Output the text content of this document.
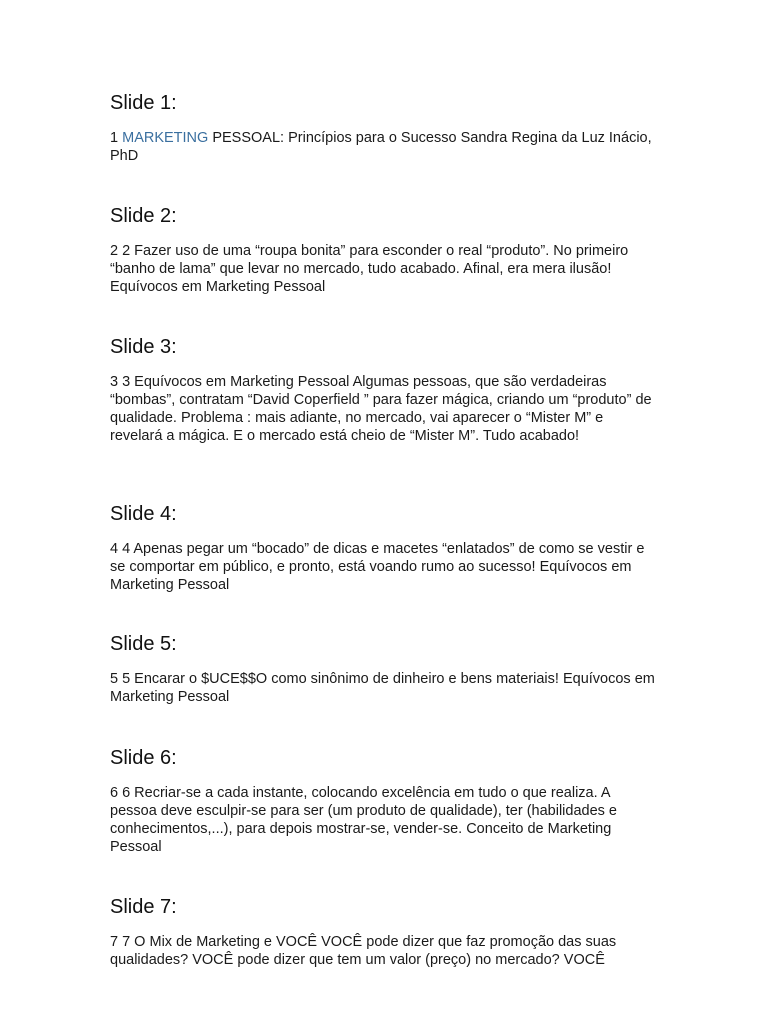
Slide 1:

1 MARKETING PESSOAL: Princípios para o Sucesso Sandra Regina da Luz Inácio, PhD

Slide 2:

2 2 Fazer uso de uma “roupa bonita” para esconder o real “produto”. No primeiro “banho de lama” que levar no mercado, tudo acabado. Afinal, era mera ilusão! Equívocos em Marketing Pessoal

Slide 3:

3 3 Equívocos em Marketing Pessoal Algumas pessoas, que são verdadeiras “bombas”, contratam “David Coperfield ” para fazer mágica, criando um “produto” de qualidade. Problema : mais adiante, no mercado, vai aparecer o “Mister M” e revelará a mágica. E o mercado está cheio de “Mister M”. Tudo acabado!

Slide 4:

4 4 Apenas pegar um “bocado” de dicas e macetes “enlatados” de como se vestir e se comportar em público, e pronto, está voando rumo ao sucesso! Equívocos em Marketing Pessoal

Slide 5:

5 5 Encarar o $UCE$$O como sinônimo de dinheiro e bens materiais! Equívocos em Marketing Pessoal

Slide 6:

6 6 Recriar-se a cada instante, colocando excelência em tudo o que realiza. A pessoa deve esculpir-se para ser (um produto de qualidade), ter (habilidades e conhecimentos,...), para depois mostrar-se, vender-se. Conceito de Marketing Pessoal

Slide 7:

7 7 O Mix de Marketing e VOCÊ VOCÊ pode dizer que faz promoção das suas qualidades? VOCÊ pode dizer que tem um valor (preço) no mercado? VOCÊ
